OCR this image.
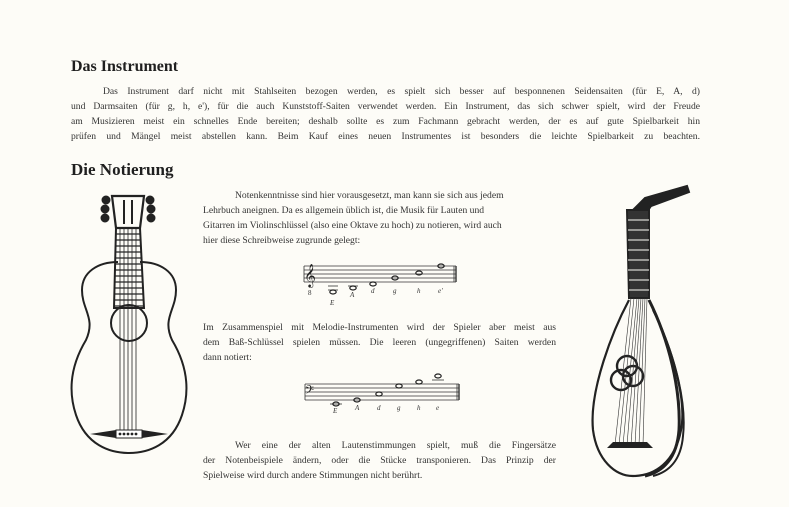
Das Instrument

Das Instrument darf nicht mit Stahlseiten bezogen werden, es spielt sich besser auf besponnenen Seidensaiten (für E, A, d)
und Darmsaiten (für g, h, e'), für die auch Kunststoff-Saiten verwendet werden. Ein Instrument, das sich schwer spielt, wird der Freude
am Musizieren meist ein schnelles Ende bereiten; deshalb sollte es zum Fachmann gebracht werden, der es auf gute Spielbarkeit hin
prüfen und Mängel meist abstellen kann. Beim Kauf eines neuen Instrumentes ist besonders die leichte Spielbarkeit zu beachten.

Die Notierung

Notenkenntnisse sind hier vorausgesetzt, man kann sie sich aus jedem
Lehrbuch aneignen. Da es allgemein üblich ist, die Musik für Lauten und
Gitarren im Violinschlüssel (also eine Oktave zu hoch) zu notieren, wird auch
hier diese Schreibweise zugrunde gelegt:

𝄞
8
E
A d	g	h	e'

Im Zusammenspiel mit Melodie-Instrumenten wird der Spieler aber meist aus
dem Baß-Schlüssel spielen müssen. Die leeren (ungegriffenen) Saiten werden
dann notiert:

𝄢
E	A	d g h e

Wer eine der alten Lautenstimmungen spielt, muß die Fingersätze
der Notenbeispiele ändern, oder die Stücke transponieren. Das Prinzip der
Spielweise wird durch andere Stimmungen nicht berührt.
